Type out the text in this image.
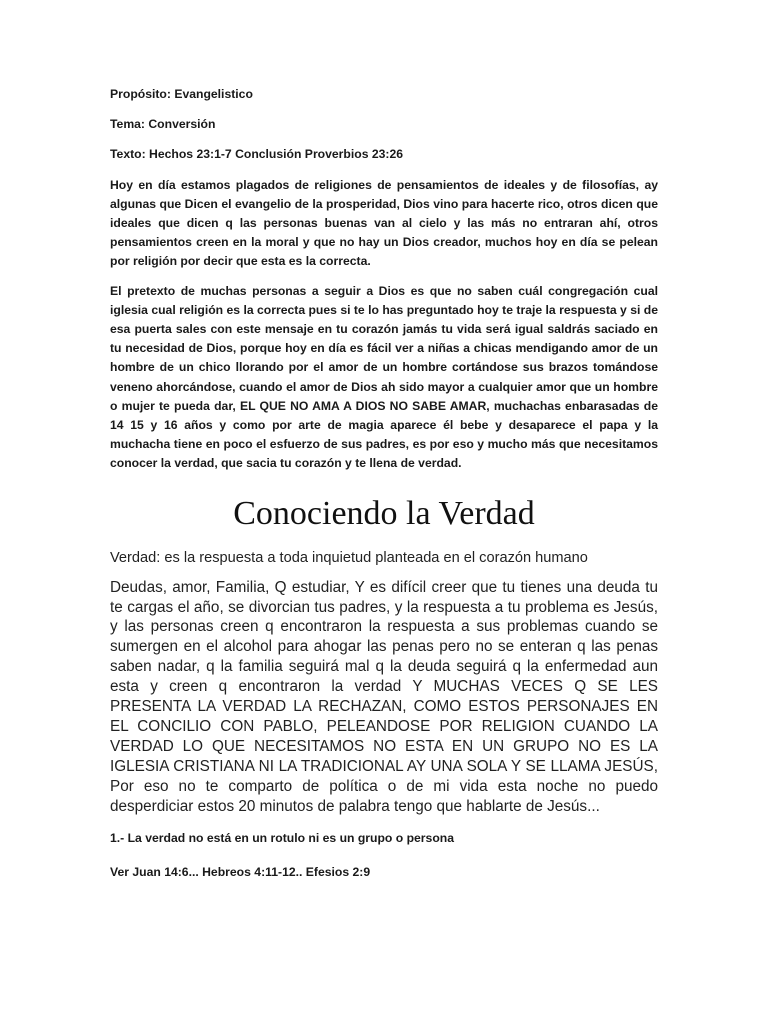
Propósito: Evangelistico

Tema: Conversión

Texto: Hechos 23:1-7 Conclusión Proverbios 23:26

Hoy en día estamos plagados de religiones de pensamientos de ideales y de filosofías, ay algunas que Dicen el evangelio de la prosperidad, Dios vino para hacerte rico, otros dicen que ideales que dicen q las personas buenas van al cielo y las más no entraran ahí, otros pensamientos creen en la moral y que no hay un Dios creador, muchos hoy en día se pelean por religión por decir que esta es la correcta.

El pretexto de muchas personas a seguir a Dios es que no saben cuál congregación cual iglesia cual religión es la correcta pues si te lo has preguntado hoy te traje la respuesta y si de esa puerta sales con este mensaje en tu corazón jamás tu vida será igual saldrás saciado en tu necesidad de Dios, porque hoy en día es fácil ver a niñas a chicas mendigando amor de un hombre de un chico llorando por el amor de un hombre cortándose sus brazos tomándose veneno ahorcándose, cuando el amor de Dios ah sido mayor a cualquier amor que un hombre o mujer te pueda dar, EL QUE NO AMA A DIOS NO SABE AMAR, muchachas enbarasadas de 14 15 y 16 años y como por arte de magia aparece él bebe y desaparece el papa y la muchacha tiene en poco el esfuerzo de sus padres, es por eso y mucho más que necesitamos conocer la verdad, que sacia tu corazón y te llena de verdad.

Conociendo la Verdad

Verdad: es la respuesta a toda inquietud planteada en el corazón humano

Deudas, amor, Familia, Q estudiar, Y es difícil creer que tu tienes una deuda tu te cargas el año, se divorcian tus padres, y la respuesta a tu problema es Jesús, y las personas creen q encontraron la respuesta a sus problemas cuando se sumergen en el alcohol para ahogar las penas pero no se enteran q las penas saben nadar, q la familia seguirá mal q la deuda seguirá q la enfermedad aun esta y creen q encontraron la verdad Y MUCHAS VECES Q SE LES PRESENTA LA VERDAD LA RECHAZAN, COMO ESTOS PERSONAJES EN EL CONCILIO CON PABLO, PELEANDOSE POR RELIGION CUANDO LA VERDAD LO QUE NECESITAMOS NO ESTA EN UN GRUPO NO ES LA IGLESIA CRISTIANA NI LA TRADICIONAL AY UNA SOLA Y SE LLAMA JESÚS, Por eso no te comparto de política o de mi vida esta noche no puedo desperdiciar estos 20 minutos de palabra tengo que hablarte de Jesús...

1.- La verdad no está en un rotulo ni es un grupo o persona

Ver Juan 14:6... Hebreos 4:11-12.. Efesios 2:9
